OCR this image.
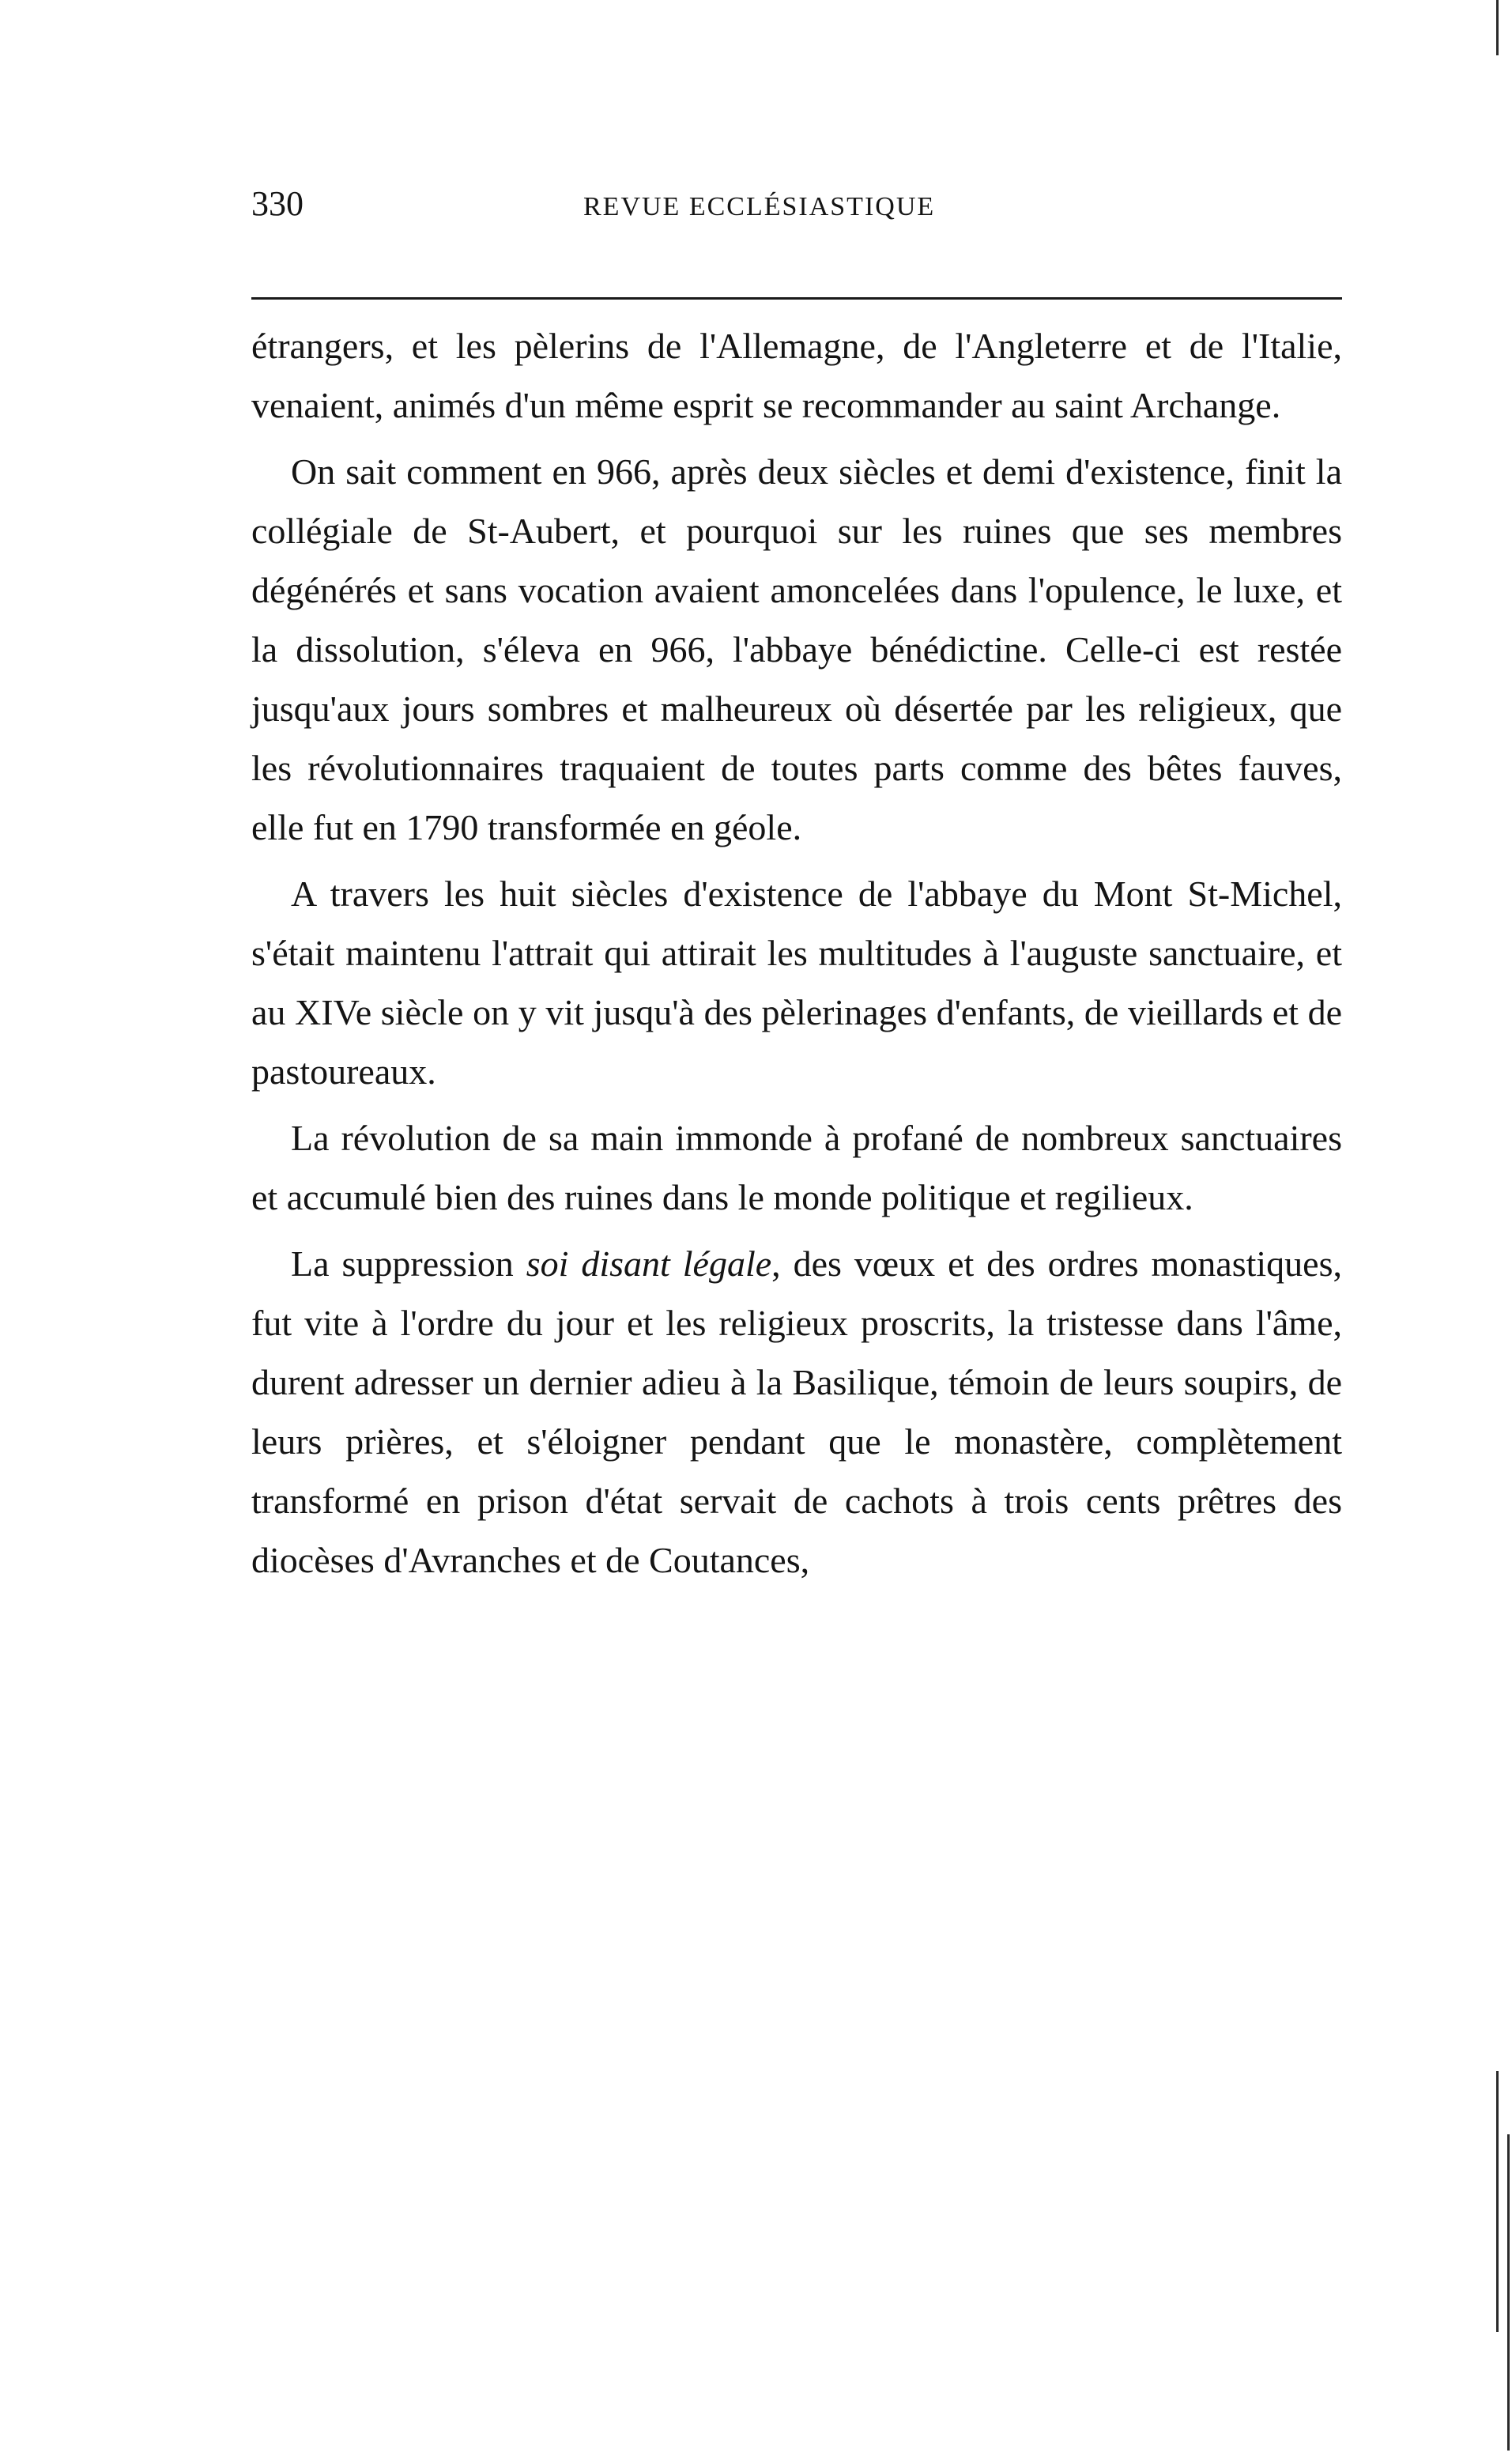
330	REVUE ECCLÉSIASTIQUE

étrangers, et les pèlerins de l'Allemagne, de l'Angleterre et de l'Italie, venaient, animés d'un même esprit se recommander au saint Archange.

On sait comment en 966, après deux siècles et demi d'existence, finit la collégiale de St-Aubert, et pourquoi sur les ruines que ses membres dégénérés et sans vocation avaient amoncelées dans l'opulence, le luxe, et la dissolution, s'éleva en 966, l'abbaye bénédictine. Celle-ci est restée jusqu'aux jours sombres et malheureux où désertée par les religieux, que les révolutionnaires traquaient de toutes parts comme des bêtes fauves, elle fut en 1790 transformée en géole.

A travers les huit siècles d'existence de l'abbaye du Mont St-Michel, s'était maintenu l'attrait qui attirait les multitudes à l'auguste sanctuaire, et au XIVe siècle on y vit jusqu'à des pèlerinages d'enfants, de vieillards et de pastoureaux.

La révolution de sa main immonde à profané de nombreux sanctuaires et accumulé bien des ruines dans le monde politique et regilieux.

La suppression soi disant légale, des vœux et des ordres monastiques, fut vite à l'ordre du jour et les religieux proscrits, la tristesse dans l'âme, durent adresser un dernier adieu à la Basilique, témoin de leurs soupirs, de leurs prières, et s'éloigner pendant que le monastère, complètement transformé en prison d'état servait de cachots à trois cents prêtres des diocèses d'Avranches et de Coutances,
